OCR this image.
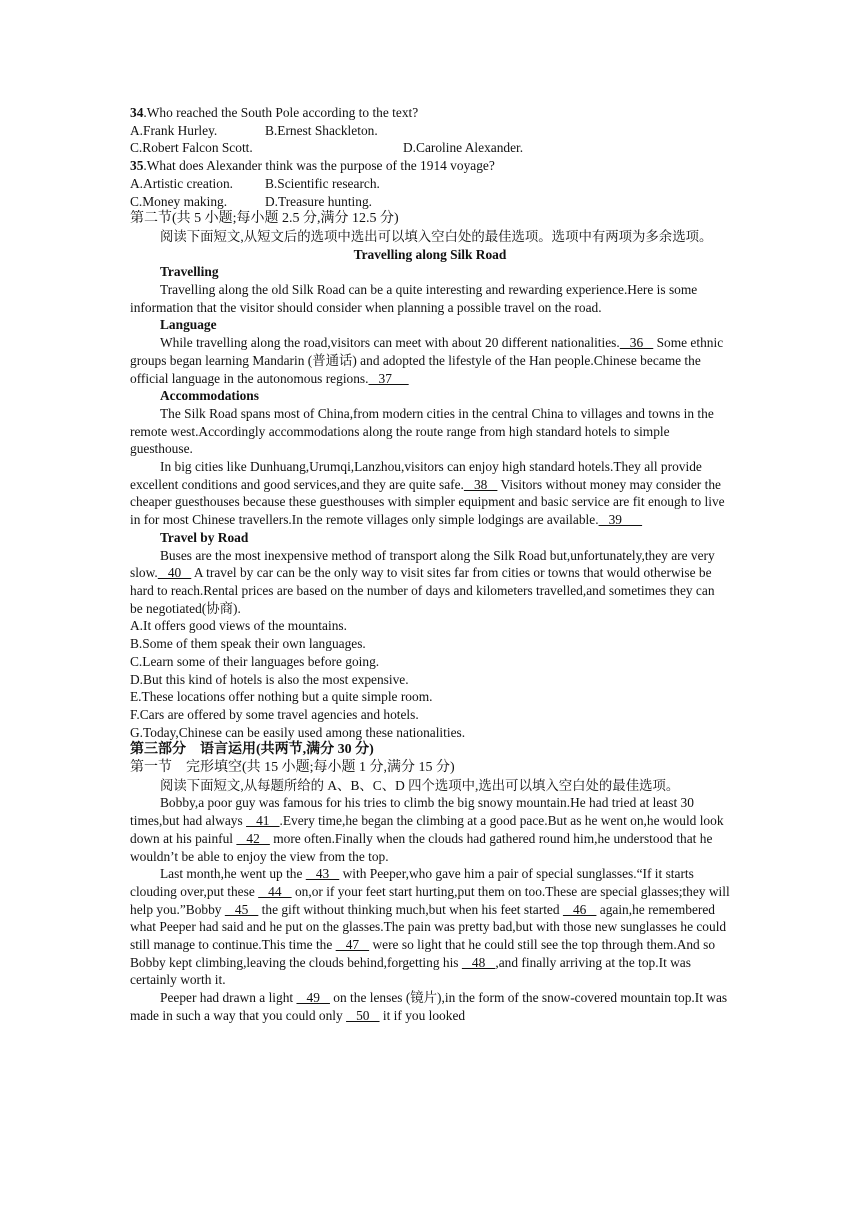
34.Who reached the South Pole according to the text?

A.Frank Hurley.	B.Ernest Shackleton.
C.Robert Falcon Scott.	D.Caroline Alexander.

35.What does Alexander think was the purpose of the 1914 voyage?

A.Artistic creation.	B.Scientific research.
C.Money making.	D.Treasure hunting.

第二节(共 5 小题;每小题 2.5 分,满分 12.5 分)

阅读下面短文,从短文后的选项中选出可以填入空白处的最佳选项。选项中有两项为多余选项。

Travelling along Silk Road

Travelling

Travelling along the old Silk Road can be a quite interesting and rewarding experience.Here is some information that the visitor should consider when planning a possible travel on the road.

Language

While travelling along the road,visitors can meet with about 20 different nationalities.   36    Some ethnic groups began learning Mandarin (普通话) and adopted the lifestyle of the Han people.Chinese became the official language in the autonomous regions.   37

Accommodations

The Silk Road spans most of China,from modern cities in the central China to villages and towns in the remote west.Accordingly accommodations along the route range from high standard hotels to simple guesthouse.

In big cities like Dunhuang,Urumqi,Lanzhou,visitors can enjoy high standard hotels.They all provide excellent conditions and good services,and they are quite safe.   38    Visitors without money may consider the cheaper guesthouses because these guesthouses with simpler equipment and basic service are fit enough to live in for most Chinese travellers.In the remote villages only simple lodgings are available.   39

Travel by Road

Buses are the most inexpensive method of transport along the Silk Road but,unfortunately,they are very slow.   40    A travel by car can be the only way to visit sites far from cities or towns that would otherwise be hard to reach.Rental prices are based on the number of days and kilometers travelled,and sometimes they can be negotiated(协商).

A.It offers good views of the mountains.

B.Some of them speak their own languages.

C.Learn some of their languages before going.

D.But this kind of hotels is also the most expensive.

E.These locations offer nothing but a quite simple room.

F.Cars are offered by some travel agencies and hotels.

G.Today,Chinese can be easily used among these nationalities.

第三部分　语言运用(共两节,满分 30 分)

第一节　完形填空(共 15 小题;每小题 1 分,满分 15 分)

阅读下面短文,从每题所给的 A、B、C、D 四个选项中,选出可以填入空白处的最佳选项。

Bobby,a poor guy was famous for his tries to climb the big snowy mountain.He had tried at least 30 times,but had always    41   .Every time,he began the climbing at a good pace.But as he went on,he would look down at his painful    42    more often.Finally when the clouds had gathered round him,he understood that he wouldn’t be able to enjoy the view from the top.

Last month,he went up the    43    with Peeper,who gave him a pair of special sunglasses.“If it starts clouding over,put these    44    on,or if your feet start hurting,put them on too.These are special glasses;they will help you.”Bobby    45    the gift without thinking much,but when his feet started    46    again,he remembered what Peeper had said and he put on the glasses.The pain was pretty bad,but with those new sunglasses he could still manage to continue.This time the    47    were so light that he could still see the top through them.And so Bobby kept climbing,leaving the clouds behind,forgetting his    48   ,and finally arriving at the top.It was certainly worth it.

Peeper had drawn a light    49    on the lenses (镜片),in the form of the snow-covered mountain top.It was made in such a way that you could only    50    it if you looked
